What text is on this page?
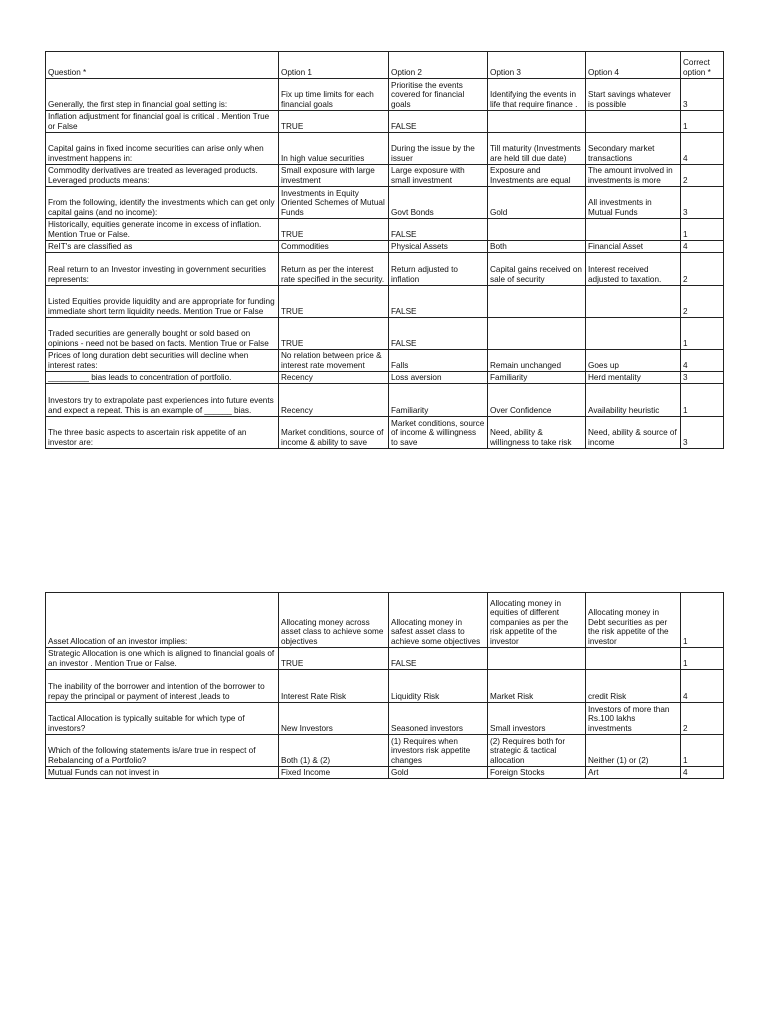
Question *	Option 1	Option 2	Option 3	Option 4	Correct option *
Generally, the first step in financial goal setting is:	Fix up time limits for each financial goals	Prioritise the events covered for financial goals	Identifying the events in life that require finance .	Start savings whatever is possible	3
Inflation adjustment for financial goal is critical . Mention True or False	TRUE	FALSE			1
Capital gains in fixed income securities can arise only when investment happens in:	In high value securities	During the issue by the issuer	Till maturity (Investments are held till due date)	Secondary market transactions	4
Commodity derivatives are treated as leveraged products. Leveraged products means:	Small exposure with large investment	Large exposure with small investment	Exposure and Investments are equal	The amount involved in investments is more	2
From the following, identify the investments which can get only capital gains (and no income):	Investments in Equity Oriented Schemes of Mutual Funds	Govt Bonds	Gold	All investments in Mutual Funds	3
Historically, equities generate income in excess of inflation. Mention True or False.	TRUE	FALSE			1
ReIT's are classified as	Commodities	Physical Assets	Both	Financial Asset	4
Real return to an Investor investing in government securities represents:	Return as per the interest rate specified in the security.	Return adjusted to inflation	Capital gains received on sale of security	Interest received adjusted to taxation.	2
Listed Equities provide liquidity and are appropriate for funding immediate short term liquidity needs. Mention True or False	TRUE	FALSE			2
Traded securities are generally bought or sold based on opinions - need not be based on facts. Mention True or False	TRUE	FALSE			1
Prices of long duration debt securities will decline when interest rates:	No relation between price & interest rate movement	Falls	Remain unchanged	Goes up	4
_________ bias leads to concentration of portfolio.	Recency	Loss aversion	Familiarity	Herd mentality	3
Investors try to extrapolate past experiences into future events and expect a repeat. This is an example of ______ bias.	Recency	Familiarity	Over Confidence	Availability heuristic	1
The three basic aspects to ascertain risk appetite of an investor are:	Market conditions, source of income & ability to save	Market conditions, source of income & willingness to save	Need, ability & willingness to take risk	Need, ability & source of income	3
Asset Allocation of an investor implies:	Allocating money across asset class to achieve some objectives	Allocating money in safest asset class to achieve some objectives	Allocating money in equities of different companies as per the risk appetite of the investor	Allocating money in Debt securities as per the risk appetite of the investor	1
Strategic Allocation is one which is aligned to financial goals of an investor . Mention True or False.	TRUE	FALSE			1
The inability of the borrower and intention of the borrower to repay the principal or payment of interest ,leads to	Interest Rate Risk	Liquidity Risk	Market Risk	credit Risk	4
Tactical Allocation is typically suitable for which type of investors?	New Investors	Seasoned investors	Small investors	Investors of more than Rs.100 lakhs investments	2
Which of the following statements is/are true in respect of Rebalancing of a Portfolio?	Both (1) & (2)	(1) Requires when investors risk appetite changes	(2) Requires both for strategic & tactical allocation	Neither (1) or (2)	1
Mutual Funds can not invest in	Fixed Income	Gold	Foreign Stocks	Art	4
